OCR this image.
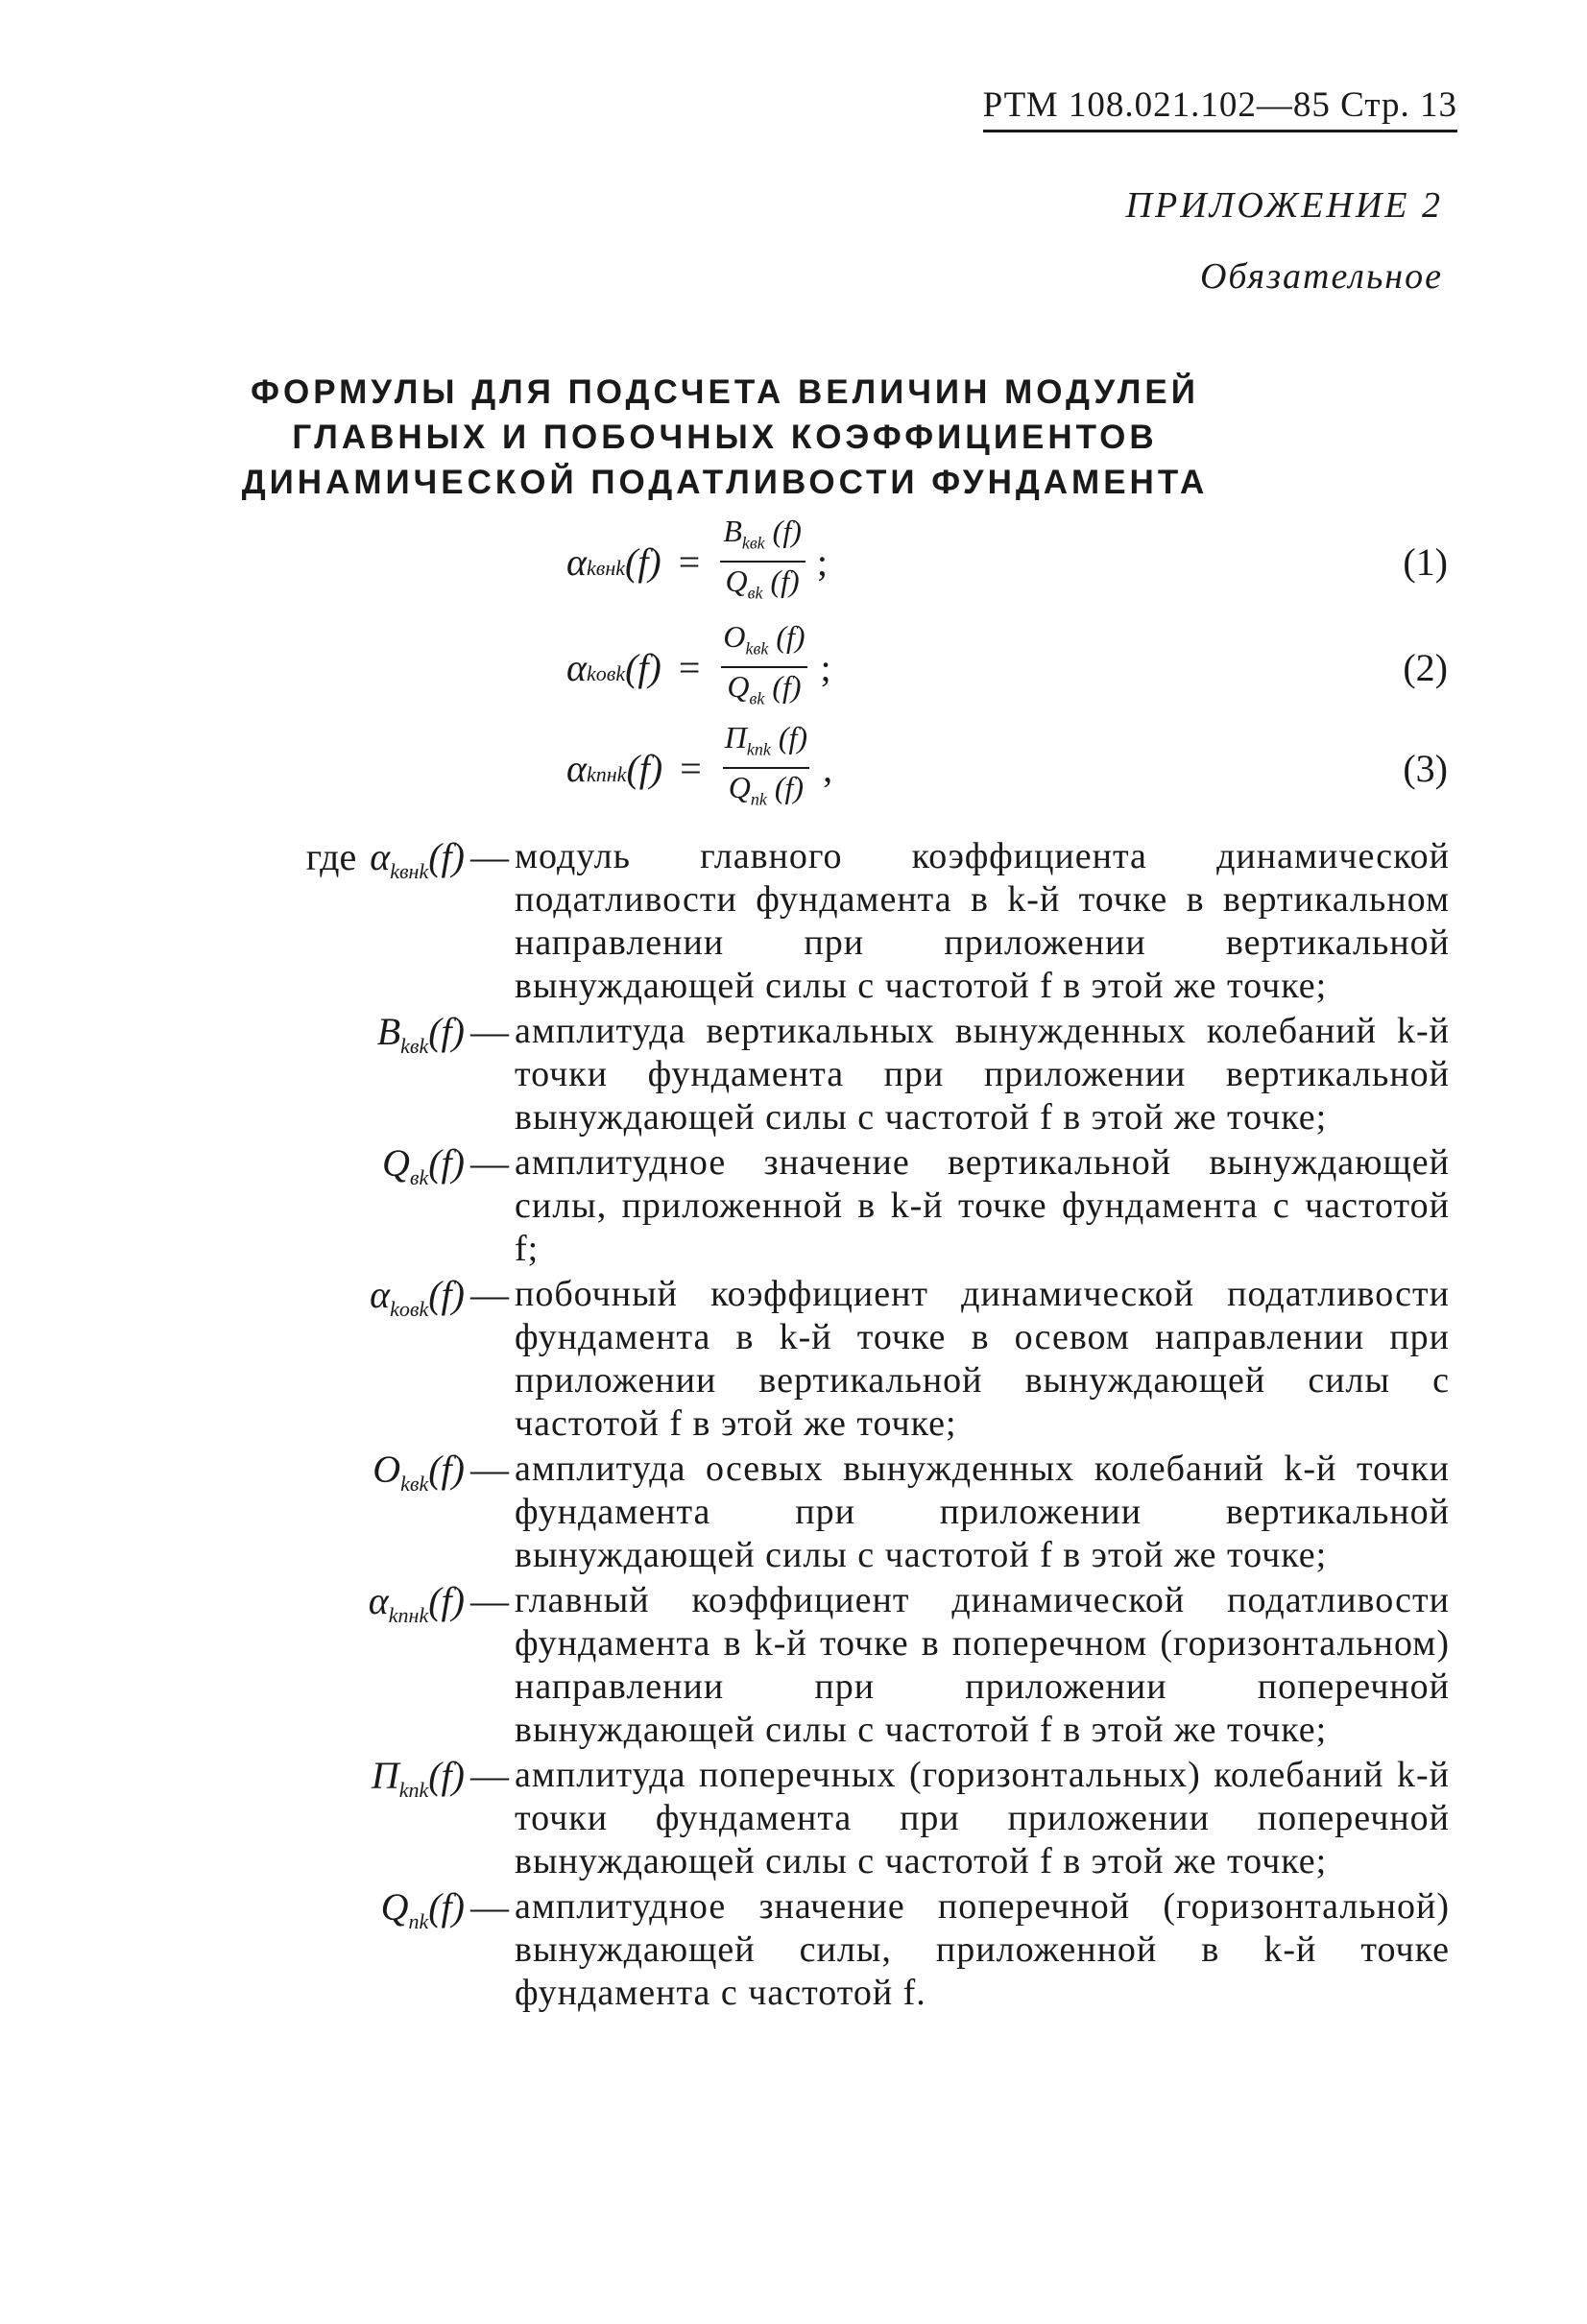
РТМ 108.021.102—85 Стр. 13
ПРИЛОЖЕНИЕ 2
Обязательное
ФОРМУЛЫ ДЛЯ ПОДСЧЕТА ВЕЛИЧИН МОДУЛЕЙ
ГЛАВНЫХ И ПОБОЧНЫХ КОЭФФИЦИЕНТОВ
ДИНАМИЧЕСКОЙ ПОДАТЛИВОСТИ ФУНДАМЕНТА
α kвнk $(f) = \frac{B_{kвk} (f)}{Q_{вk} (f)}$ ;	(1)
α kовk $(f) = \frac{O_{kвk} (f)}{Q_{вk} (f)}$ ;	(2)
α kпнk $(f) = \frac{П_{kпk} (f)}{Q_{пk} (f)}$ ,	(3)
где $\alpha_{kвнk}(f)$ — модуль главного коэффициента динамической податливости фундамента в k-й точке в вертикальном направлении при приложении вертикальной вынуждающей силы с частотой f в этой же точке;
$B_{kвk}(f)$ — амплитуда вертикальных вынужденных колебаний k-й точки фундамента при приложении вертикальной вынуждающей силы с частотой f в этой же точке;
$Q_{вk}(f)$ — амплитудное значение вертикальной вынуждающей силы, приложенной в k-й точке фундамента с частотой f;
$\alpha_{kовk}(f)$ — побочный коэффициент динамической податливости фундамента в k-й точке в осевом направлении при приложении вертикальной вынуждающей силы с частотой f в этой же точке;
$O_{kвk}(f)$ — амплитуда осевых вынужденных колебаний k-й точки фундамента при приложении вертикальной вынуждающей силы с частотой f в этой же точке;
$\alpha_{kпнk}(f)$ — главный коэффициент динамической податливости фундамента в k-й точке в поперечном (горизонтальном) направлении при приложении поперечной вынуждающей силы с частотой f в этой же точке;
$П_{kпk}(f)$ — амплитуда поперечных (горизонтальных) колебаний k-й точки фундамента при приложении поперечной вынуждающей силы с частотой f в этой же точке;
$Q_{пk}(f)$ — амплитудное значение поперечной (горизонтальной) вынуждающей силы, приложенной в k-й точке фундамента с частотой f.
